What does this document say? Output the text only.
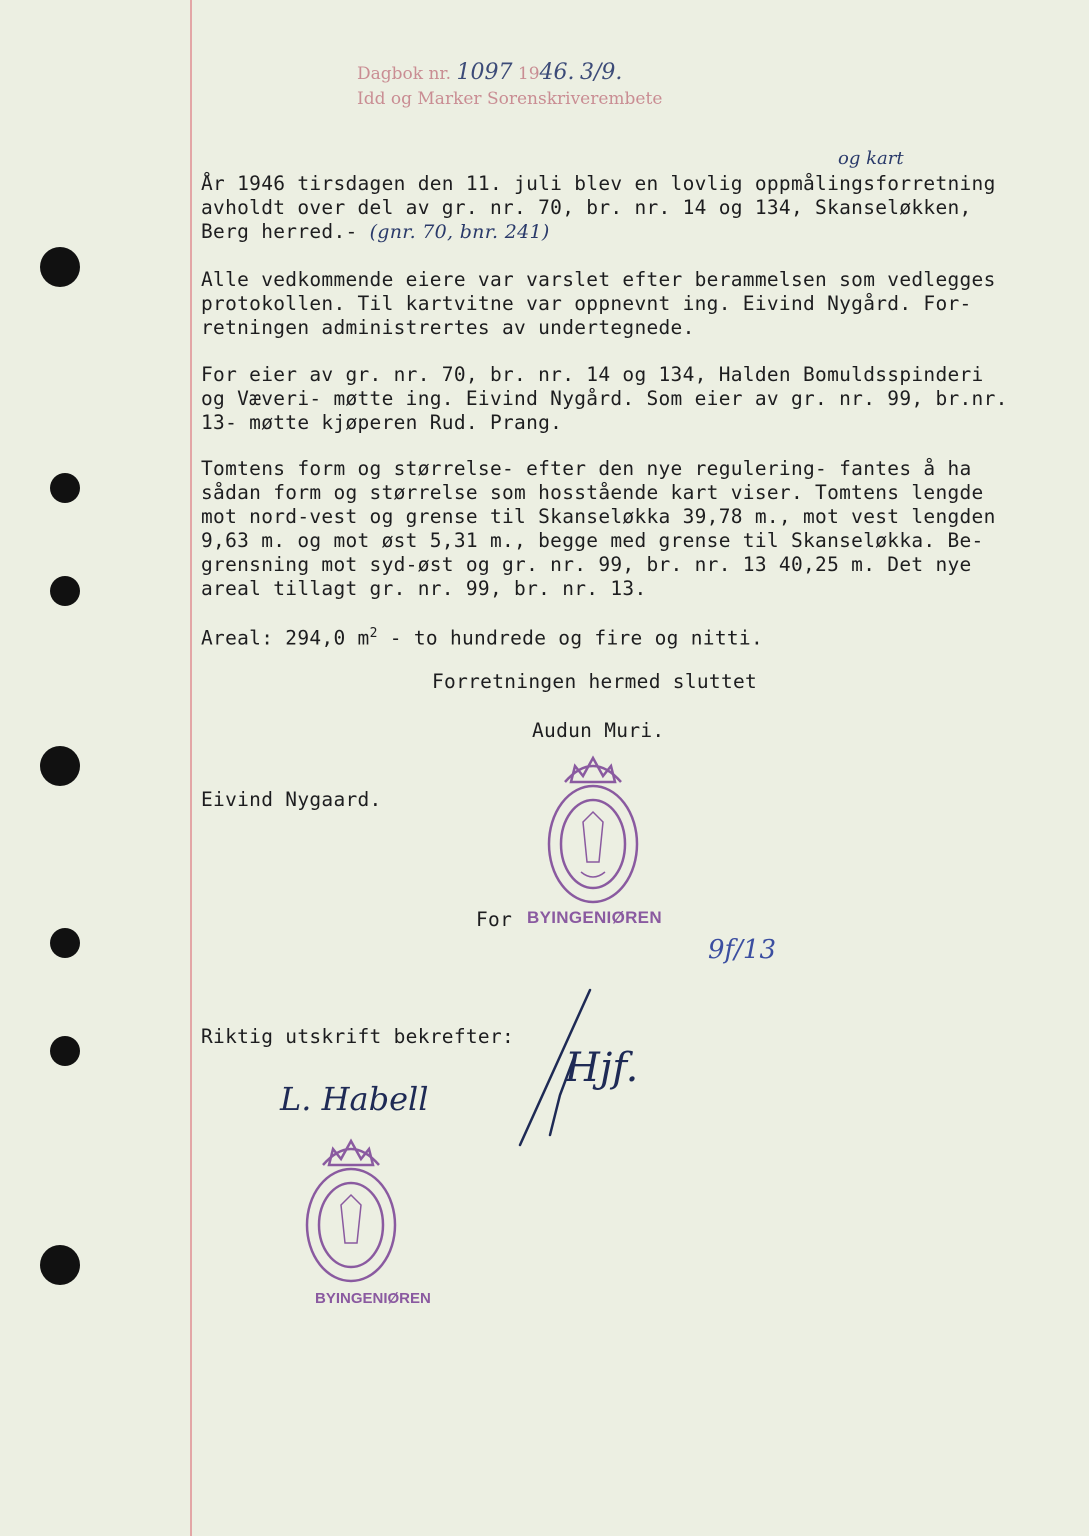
Dagbok nr. 1097 1946. 3/9.
Idd og Marker Sorenskriverembete
og kart
År 1946 tirsdagen den 11. juli blev en lovlig oppmålingsforretning
avholdt over del av gr. nr. 70, br. nr. 14 og 134, Skanseløkken,
Berg herred.- (gnr. 70, bnr. 241)
Alle vedkommende eiere var varslet efter berammelsen som vedlegges
protokollen. Til kartvitne var oppnevnt ing. Eivind Nygård. For-
retningen administrertes av undertegnede.
For eier av gr. nr. 70, br. nr. 14 og 134, Halden Bomuldsspinderi
og Væveri- møtte ing. Eivind Nygård. Som eier av gr. nr. 99, br.nr.
13- møtte kjøperen Rud. Prang.
Tomtens form og størrelse- efter den nye regulering- fantes å ha
sådan form og størrelse som hosstående kart viser. Tomtens lengde
mot nord-vest og grense til Skanseløkka 39,78 m., mot vest lengden
9,63 m. og mot øst 5,31 m., begge med grense til Skanseløkka. Be-
grensning mot syd-øst og gr. nr. 99, br. nr. 13 40,25 m. Det nye
areal tillagt gr. nr. 99, br. nr. 13.
Areal: 294,0 $m^2$ - to hundrede og fire og nitti.
Forretningen hermed sluttet
Audun Muri.
Eivind Nygaard.
For BYINGENIØREN
9f/13
Riktig utskrift bekrefter:
L. Habell
Hjf.
BYINGENIØREN
